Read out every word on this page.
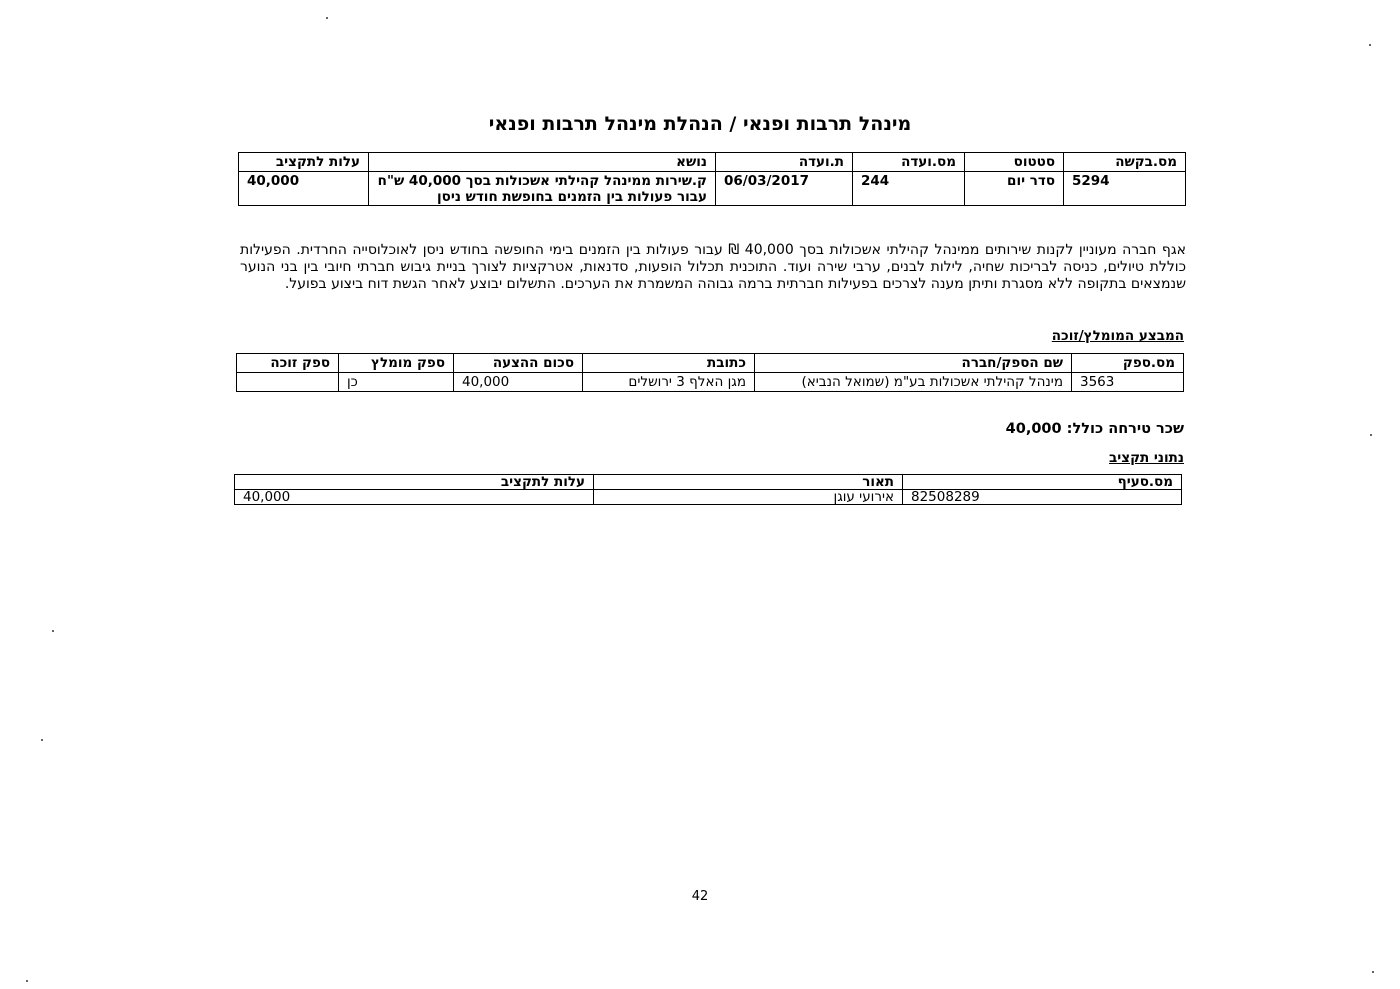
מינהל תרבות ופנאי / הנהלת מינהל תרבות ופנאי
מס.בקשה	סטטוס	מס.ועדה	ת.ועדה	נושא	עלות לתקציב
5294	סדר יום	244	06/03/2017	ק.שירות ממינהל קהילתי אשכולות בסך 40,000 ש"ח עבור פעולות בין הזמנים בחופשת חודש ניסן	40,000
אגף חברה מעוניין לקנות שירותים ממינהל קהילתי אשכולות בסך 40,000 ₪ עבור פעולות בין הזמנים בימי החופשה בחודש ניסן לאוכלוסייה החרדית. הפעילות כוללת טיולים, כניסה לבריכות שחיה, לילות לבנים, ערבי שירה ועוד. התוכנית תכלול הופעות, סדנאות, אטרקציות לצורך בניית גיבוש חברתי חיובי בין בני הנוער שנמצאים בתקופה ללא מסגרת ותיתן מענה לצרכים בפעילות חברתית ברמה גבוהה המשמרת את הערכים. התשלום יבוצע לאחר הגשת דוח ביצוע בפועל.
המבצע המומלץ/זוכה
מס.ספק	שם הספק/חברה	כתובת	סכום ההצעה	ספק מומלץ	ספק זוכה
3563	מינהל קהילתי אשכולות בע"מ (שמואל הנביא)	מגן האלף 3 ירושלים	40,000	כן	
שכר טירחה כולל: 40,000
נתוני תקציב
מס.סעיף	תאור	עלות לתקציב
82508289	אירועי עוגן	40,000
42
